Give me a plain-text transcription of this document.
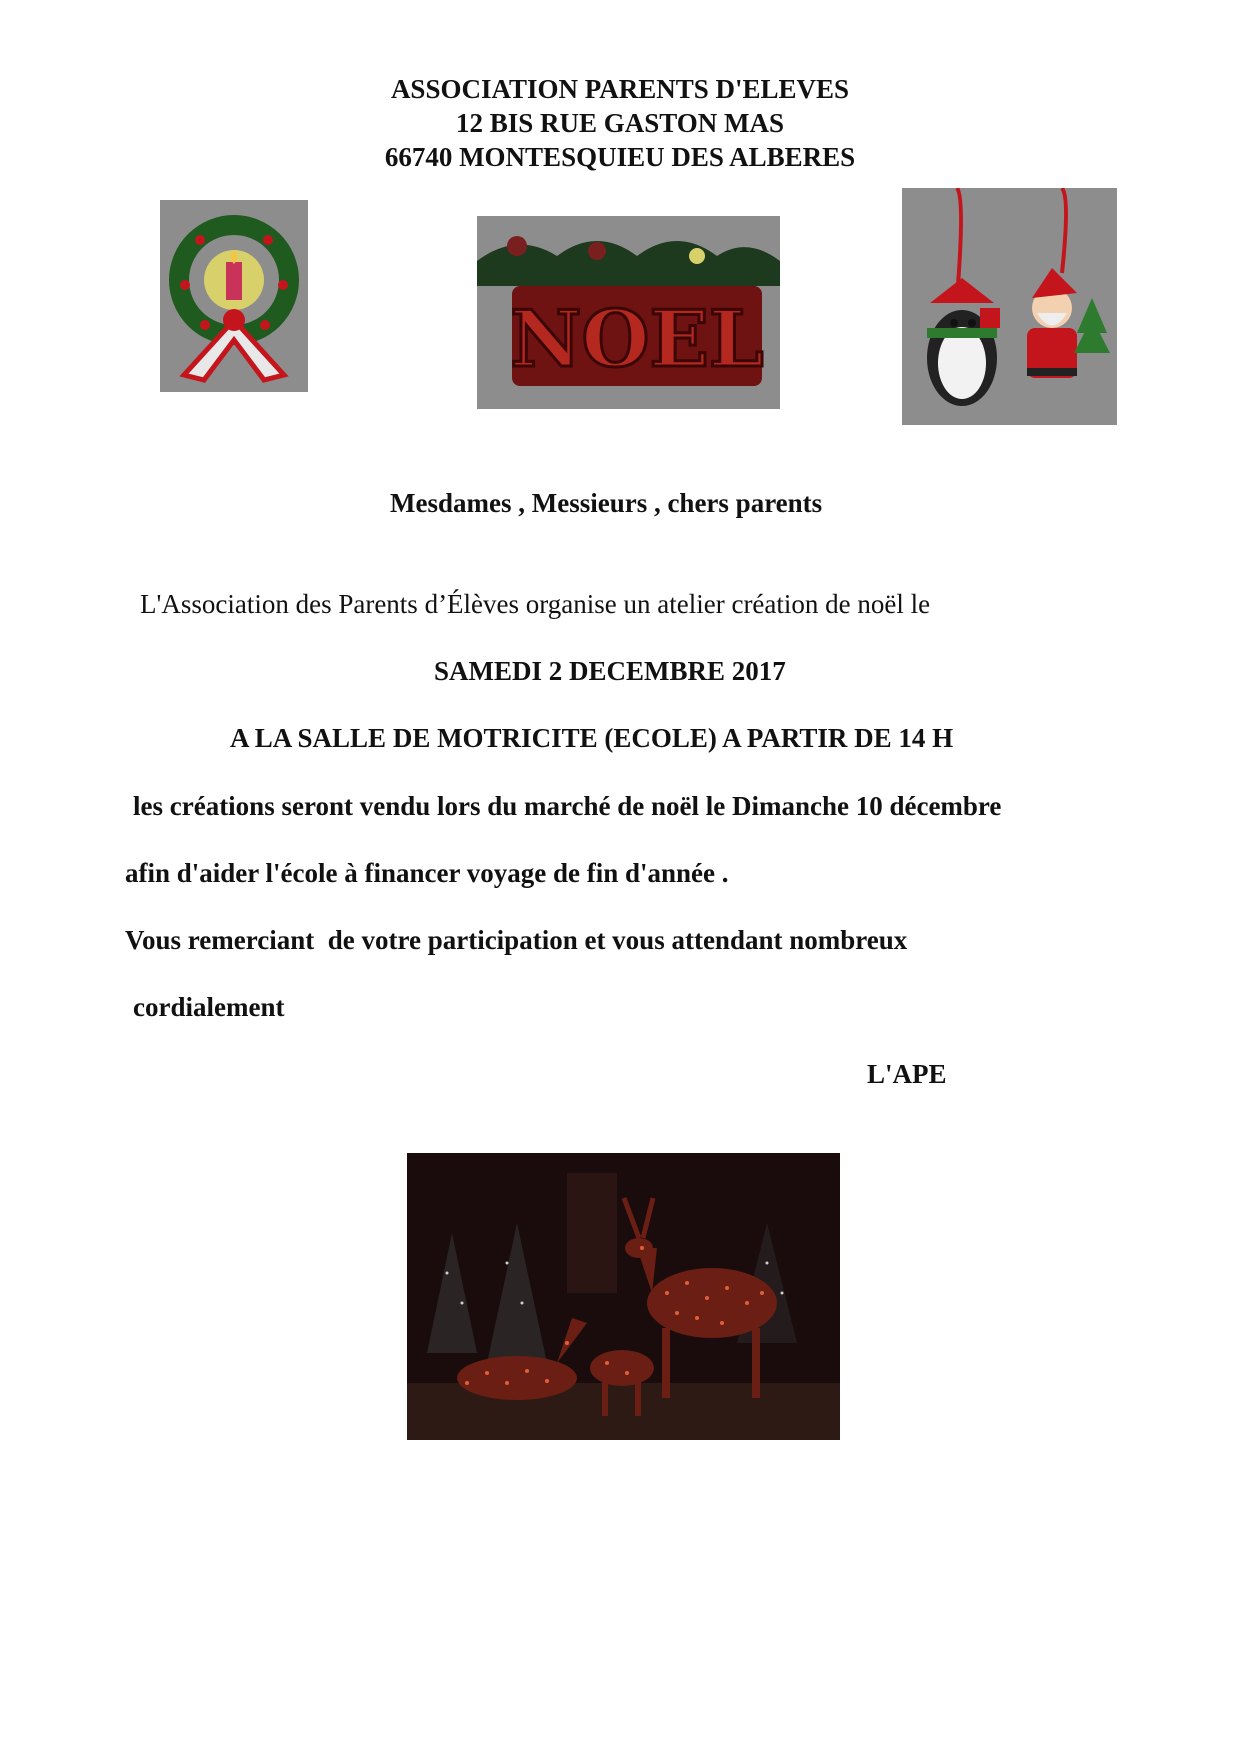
ASSOCIATION PARENTS D'ELEVES
12 BIS RUE GASTON MAS
66740 MONTESQUIEU DES ALBERES
NOEL
Mesdames , Messieurs , chers parents
L'Association des Parents d’Élèves organise un atelier création de noël le
SAMEDI 2 DECEMBRE 2017
A LA SALLE DE MOTRICITE (ECOLE) A PARTIR DE 14 H
les créations seront vendu lors du marché de noël le Dimanche 10 décembre
afin d'aider l'école à financer voyage de fin d'année .
Vous remerciant  de votre participation et vous attendant nombreux
cordialement
L'APE
